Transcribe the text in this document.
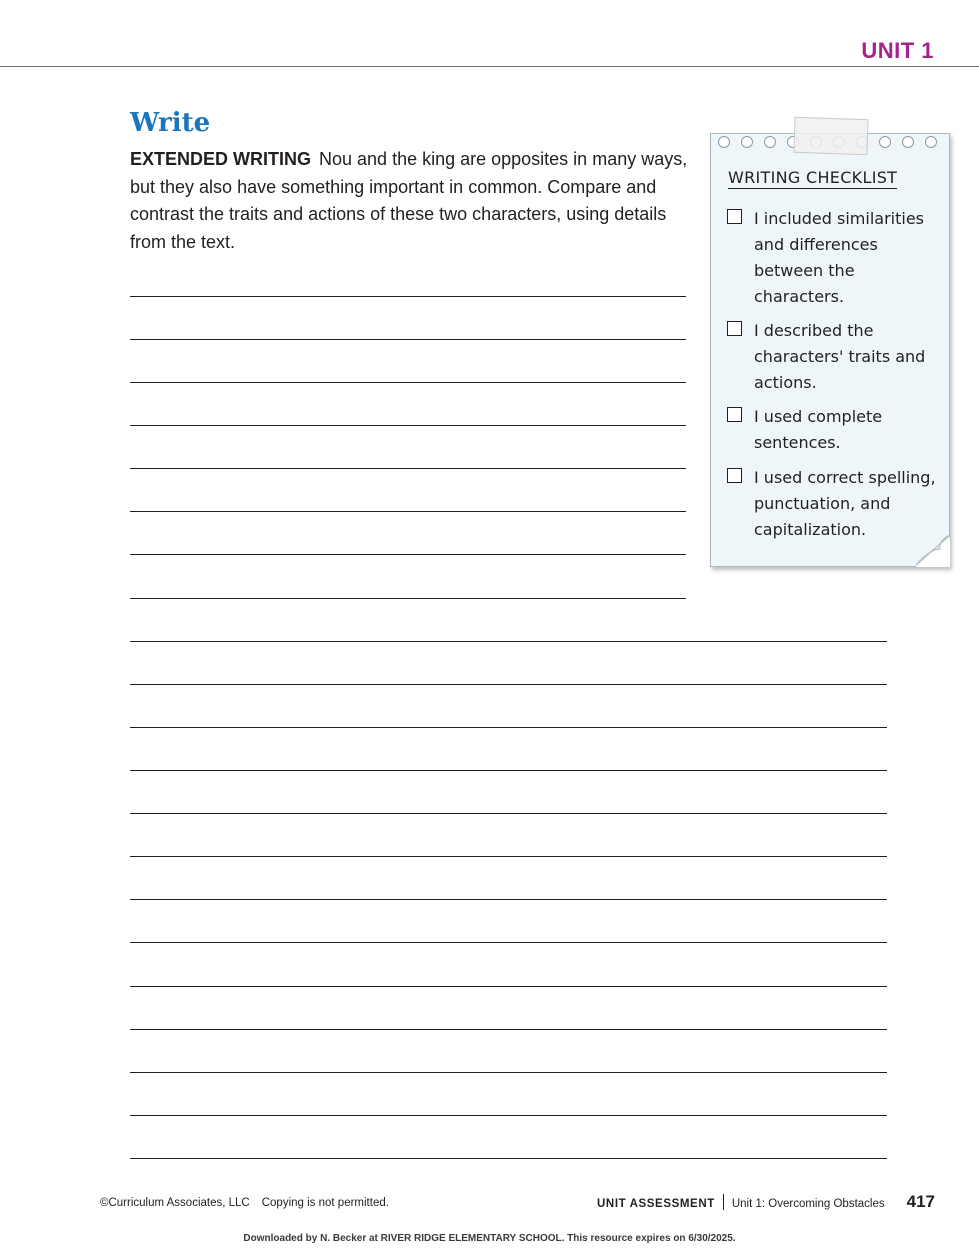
UNIT 1
Write
EXTENDED WRITING Nou and the king are opposites in many ways, but they also have something important in common. Compare and contrast the traits and actions of these two characters, using details from the text.
WRITING CHECKLIST
I included similarities and differences between the characters.
I described the characters' traits and actions.
I used complete sentences.
I used correct spelling, punctuation, and capitalization.
©Curriculum Associates, LLC Copying is not permitted.	UNIT ASSESSMENT Unit 1: Overcoming Obstacles 417
Downloaded by N. Becker at RIVER RIDGE ELEMENTARY SCHOOL. This resource expires on 6/30/2025.
